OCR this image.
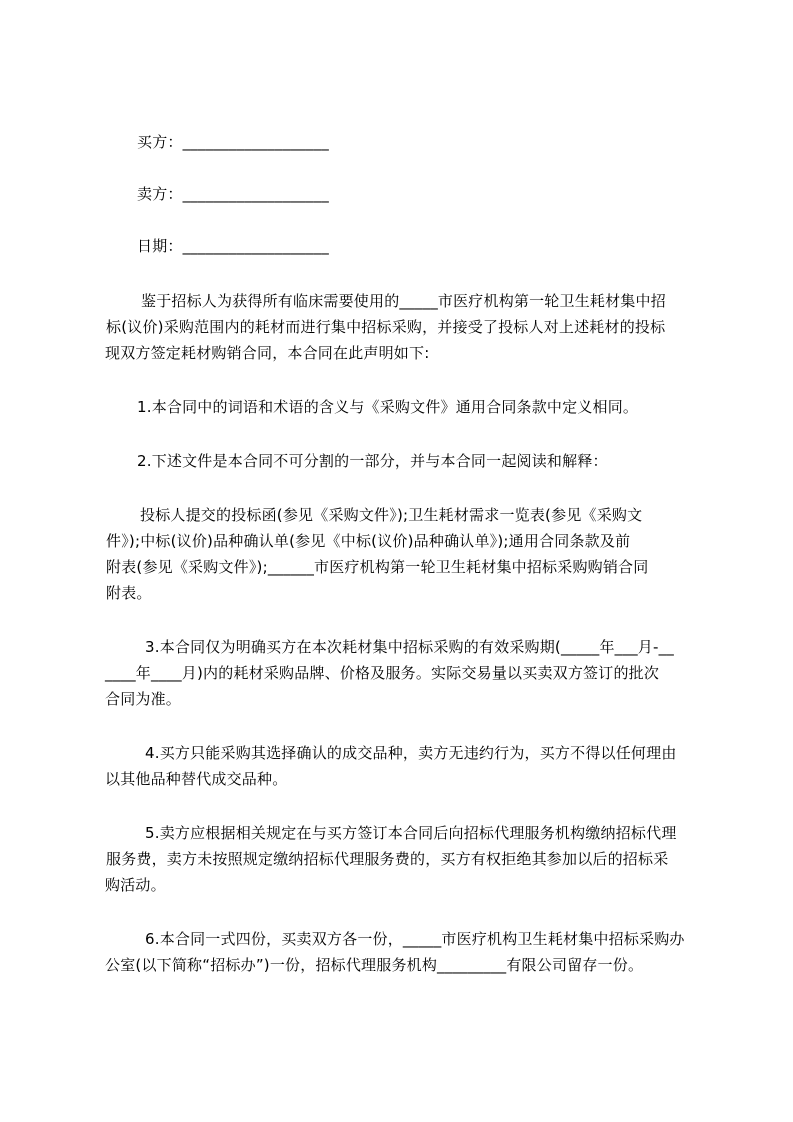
买方：___________________
卖方：___________________
日期：___________________
鉴于招标人为获得所有临床需要使用的_____市医疗机构第一轮卫生耗材集中招
标(议价)采购范围内的耗材而进行集中招标采购，并接受了投标人对上述耗材的投标
现双方签定耗材购销合同，本合同在此声明如下:
1.本合同中的词语和术语的含义与《采购文件》通用合同条款中定义相同。
2.下述文件是本合同不可分割的一部分，并与本合同一起阅读和解释：
投标人提交的投标函(参见《采购文件》);卫生耗材需求一览表(参见《采购文
件》);中标(议价)品种确认单(参见《中标(议价)品种确认单》);通用合同条款及前
附表(参见《采购文件》);______市医疗机构第一轮卫生耗材集中招标采购购销合同
附表。
3.本合同仅为明确买方在本次耗材集中招标采购的有效采购期(_____年___月-__
____年____月)内的耗材采购品牌、价格及服务。实际交易量以买卖双方签订的批次
合同为准。
4.买方只能采购其选择确认的成交品种，卖方无违约行为，买方不得以任何理由
以其他品种替代成交品种。
5.卖方应根据相关规定在与买方签订本合同后向招标代理服务机构缴纳招标代理
服务费，卖方未按照规定缴纳招标代理服务费的，买方有权拒绝其参加以后的招标采
购活动。
6.本合同一式四份，买卖双方各一份，_____市医疗机构卫生耗材集中招标采购办
公室(以下简称“招标办”)一份，招标代理服务机构_________有限公司留存一份。
